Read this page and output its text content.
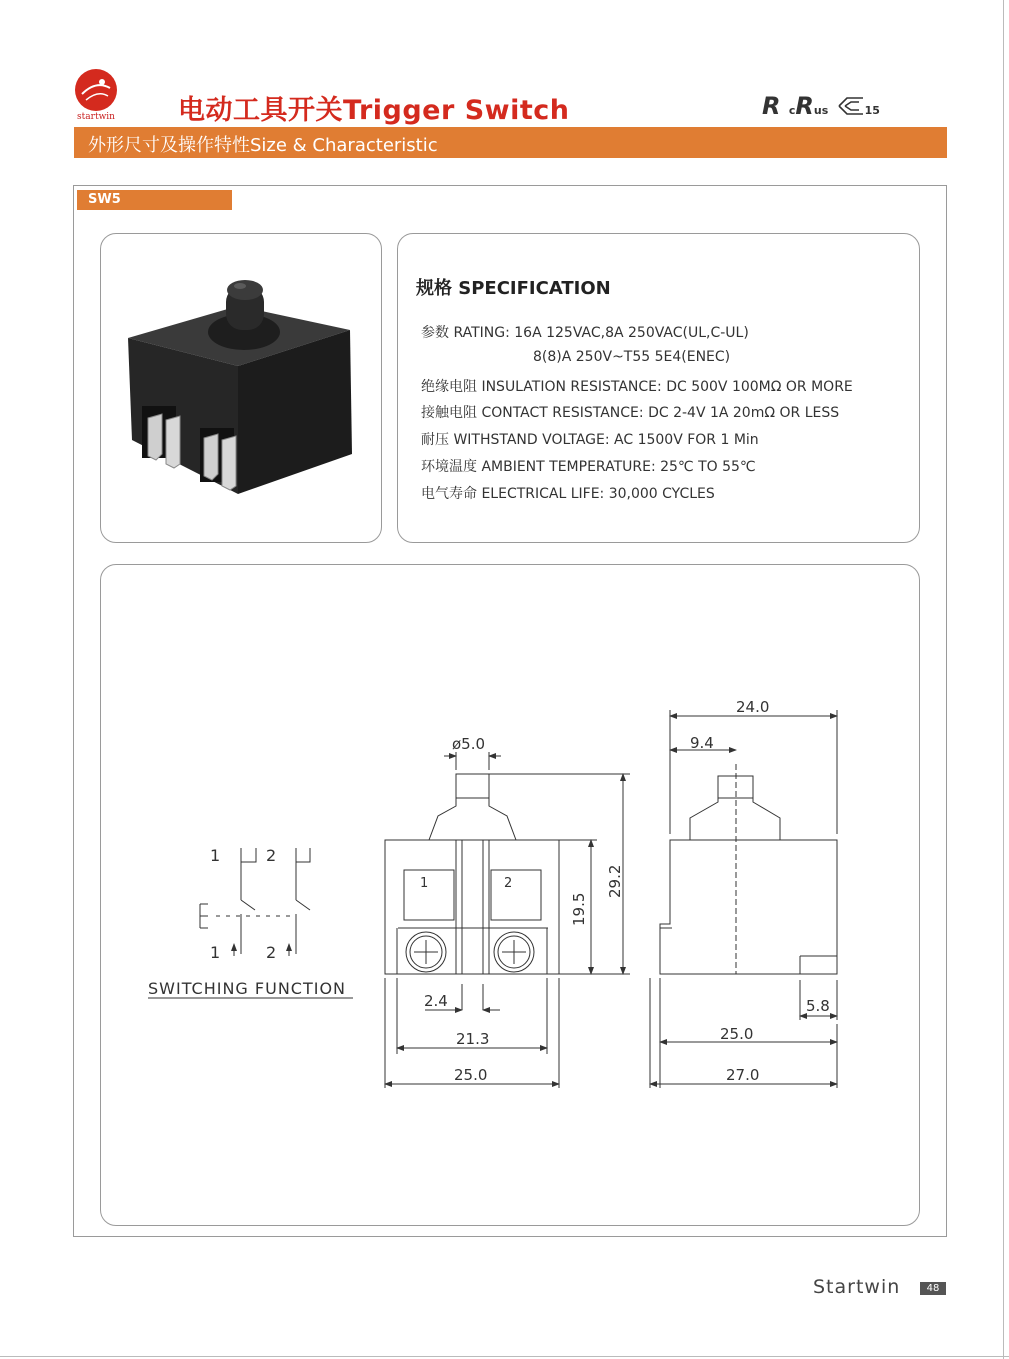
startwin 电动工具开关Trigger Switch	R cRus	15
外形尺寸及操作特性Size & Characteristic
SW5
规格 SPECIFICATION
参数 RATING: 16A 125VAC,8A 250VAC(UL,C-UL)
8(8)A 250V~T55 5E4(ENEC)
绝缘电阻 INSULATION RESISTANCE: DC 500V 100MΩ OR MORE
接触电阻 CONTACT RESISTANCE: DC 2-4V 1A 20mΩ OR LESS
耐压 WITHSTAND VOLTAGE: AC 1500V FOR 1 Min
环境温度 AMBIENT TEMPERATURE: 25℃ TO 55℃
电气寿命 ELECTRICAL LIFE: 30,000 CYCLES
1	2
1	2
SWITCHING FUNCTION
1	2
ø5.0
19.5
29.2
2.4
21.3
25.0
24.0
9.4
5.8
25.0
27.0
Startwin	48
